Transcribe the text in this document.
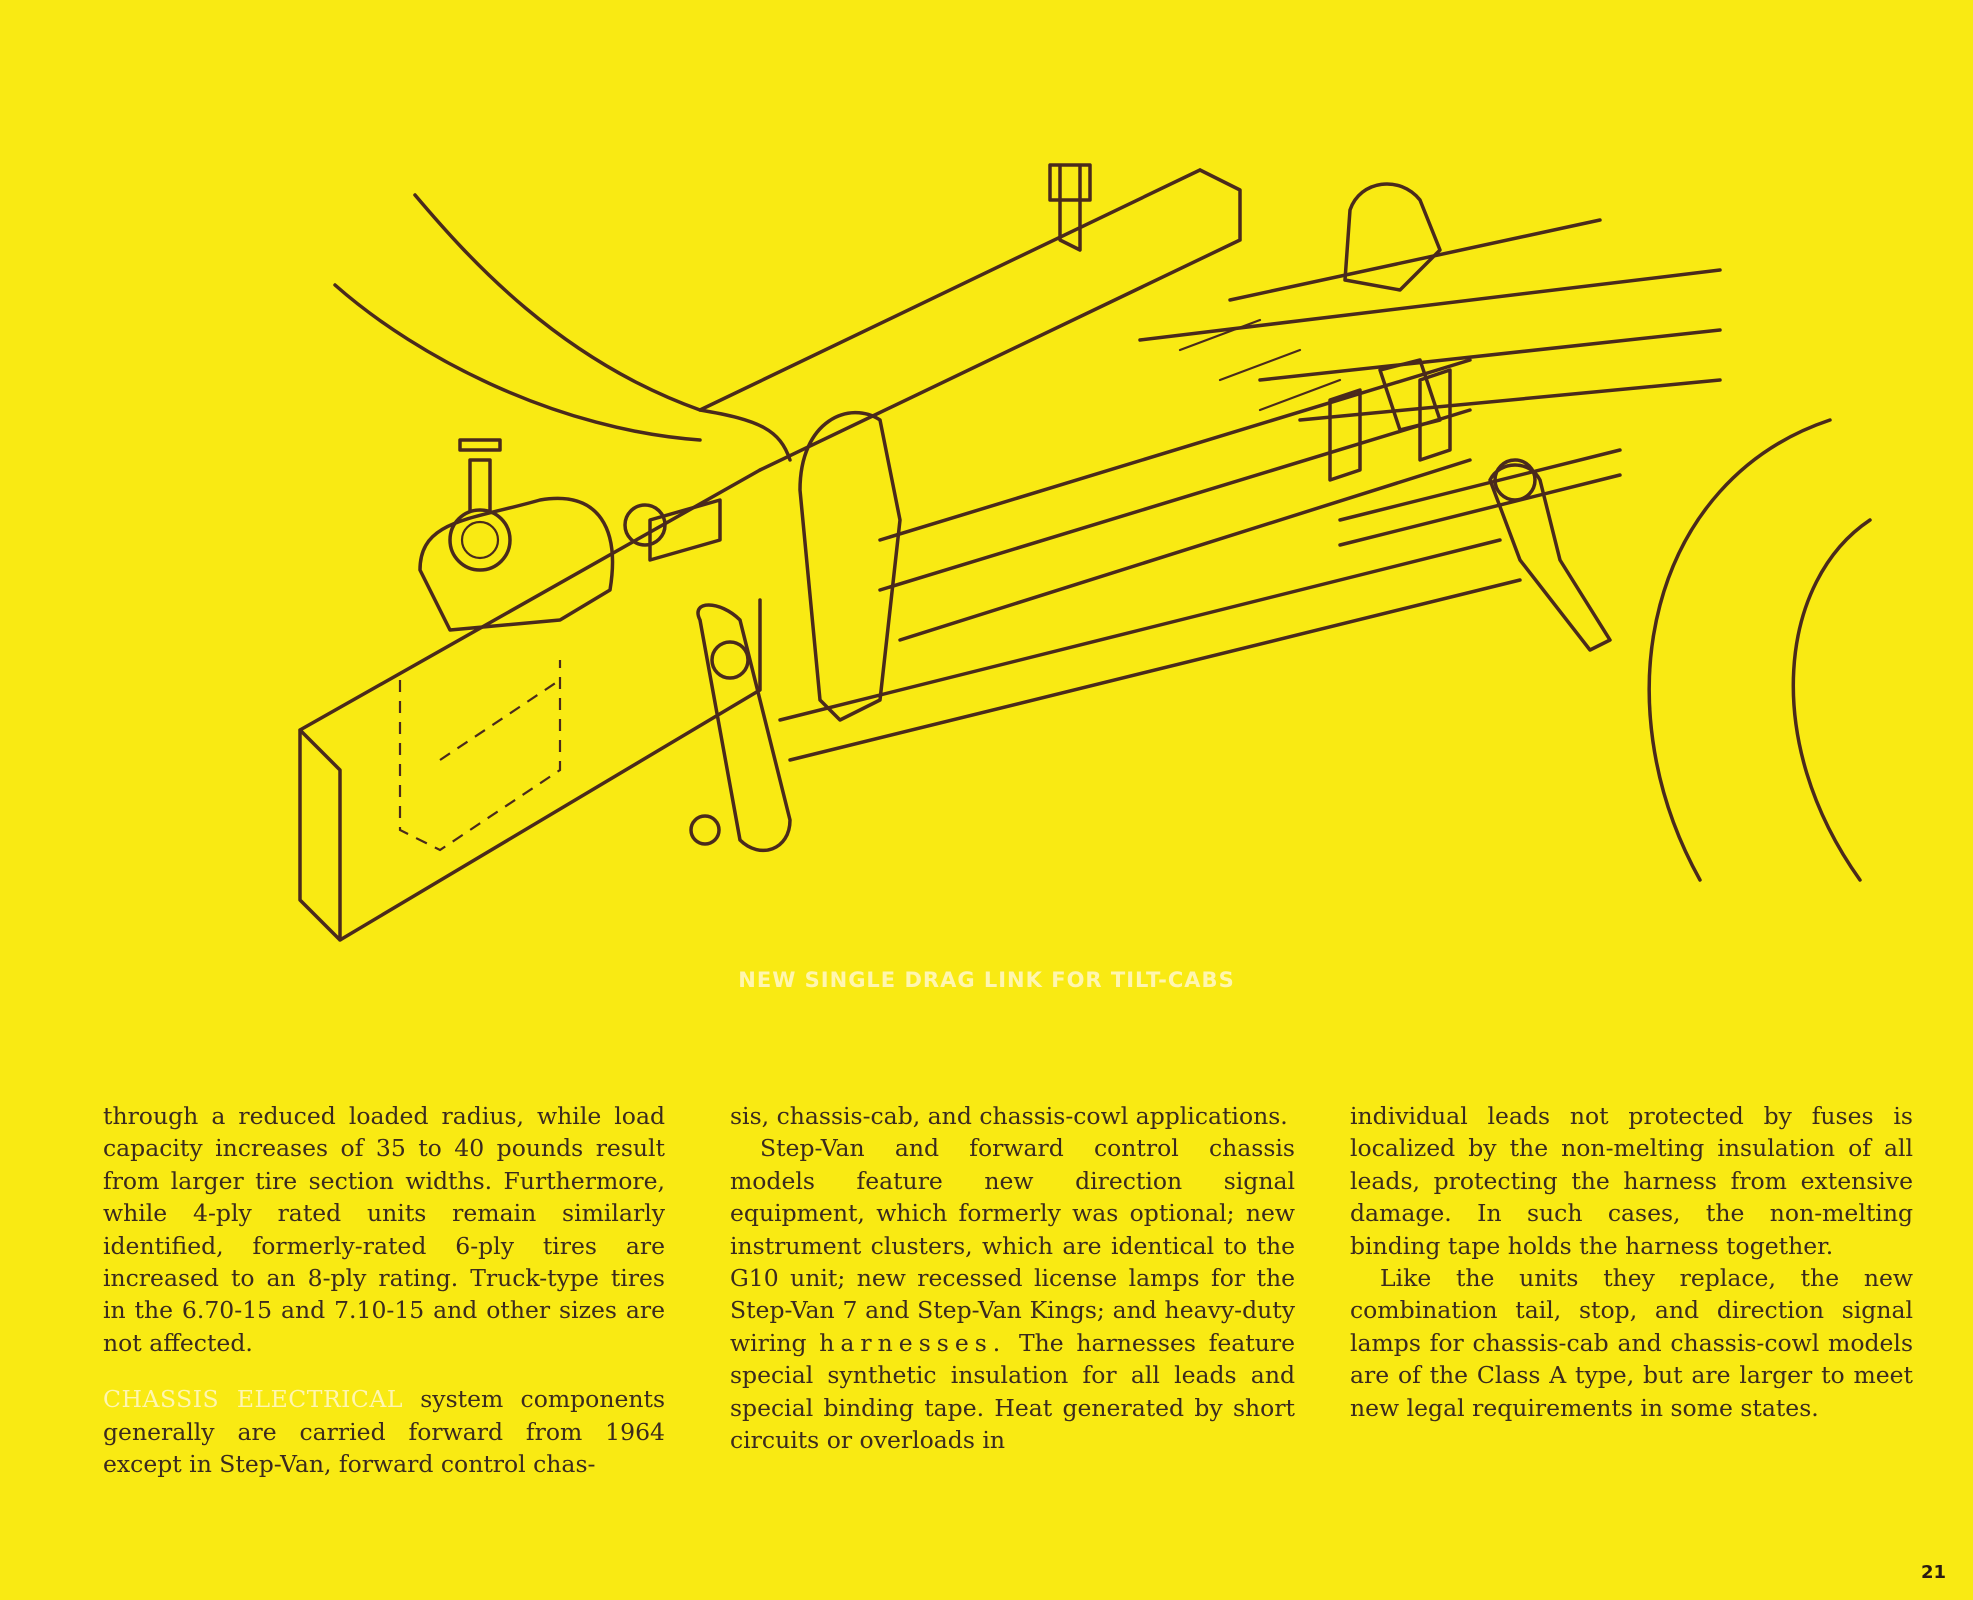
NEW SINGLE DRAG LINK FOR TILT-CABS

through a reduced loaded radius, while load capacity increases of 35 to 40 pounds result from larger tire section widths. Furthermore, while 4-ply rated units remain similarly identified, formerly-rated 6-ply tires are increased to an 8-ply rating. Truck-type tires in the 6.70-15 and 7.10-15 and other sizes are not affected.

CHASSIS ELECTRICAL system components generally are carried forward from 1964 except in Step-Van, forward control chas-

sis, chassis-cab, and chassis-cowl applications.

Step-Van and forward control chassis models feature new direction signal equipment, which formerly was optional; new instrument clusters, which are identical to the G10 unit; new recessed license lamps for the Step-Van 7 and Step-Van Kings; and heavy-duty wiring harnesses. The harnesses feature special synthetic insulation for all leads and special binding tape. Heat generated by short circuits or overloads in

individual leads not protected by fuses is localized by the non-melting insulation of all leads, protecting the harness from extensive damage. In such cases, the non-melting binding tape holds the harness together.

Like the units they replace, the new combination tail, stop, and direction signal lamps for chassis-cab and chassis-cowl models are of the Class A type, but are larger to meet new legal requirements in some states.

21
